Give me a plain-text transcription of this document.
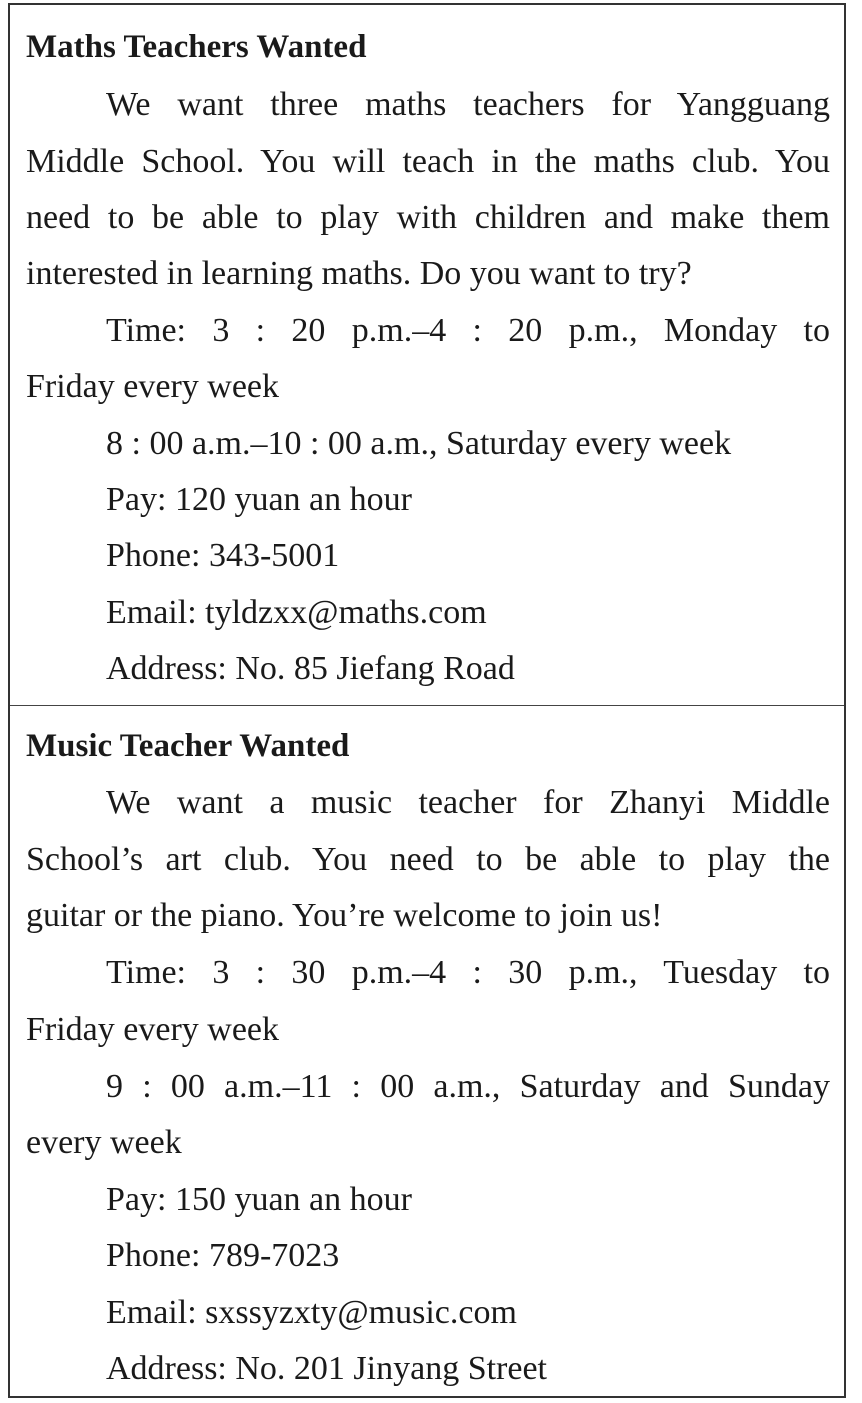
Maths Teachers Wanted
We want three maths teachers for Yangguang
Middle School. You will teach in the maths club. You
need to be able to play with children and make them
interested in learning maths. Do you want to try?
Time: 3 : 20 p.m.–4 : 20 p.m., Monday to
Friday every week
8 : 00 a.m.–10 : 00 a.m., Saturday every week
Pay: 120 yuan an hour
Phone: 343-5001
Email: tyldzxx@maths.com
Address: No. 85 Jiefang Road
Music Teacher Wanted
We want a music teacher for Zhanyi Middle
School’s art club. You need to be able to play the
guitar or the piano. You’re welcome to join us!
Time: 3 : 30 p.m.–4 : 30 p.m., Tuesday to
Friday every week
9 : 00 a.m.–11 : 00 a.m., Saturday and Sunday
every week
Pay: 150 yuan an hour
Phone: 789-7023
Email: sxssyzxty@music.com
Address: No. 201 Jinyang Street
